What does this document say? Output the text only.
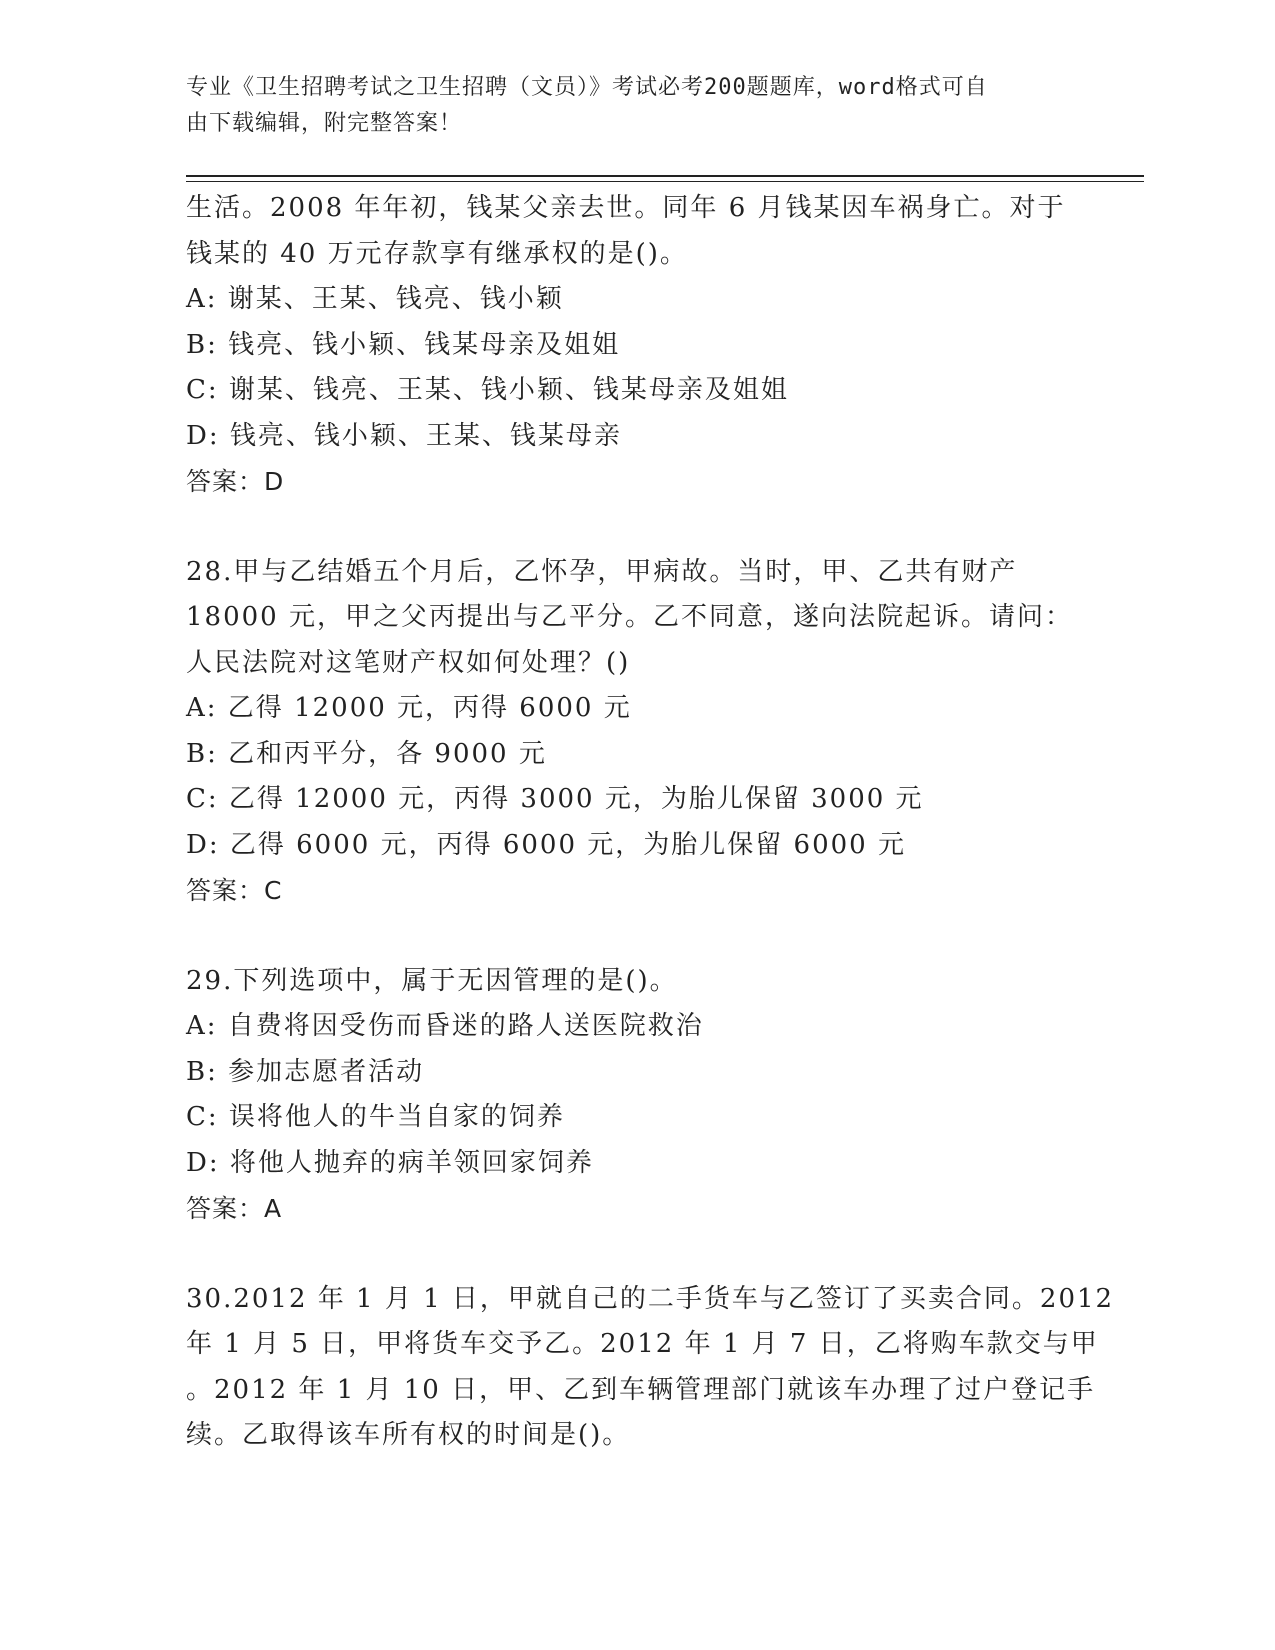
专业《卫生招聘考试之卫生招聘（文员）》考试必考200题题库，word格式可自
由下载编辑，附完整答案！
生活。2008 年年初，钱某父亲去世。同年 6 月钱某因车祸身亡。对于
钱某的 40 万元存款享有继承权的是()。
A: 谢某、王某、钱亮、钱小颖
B: 钱亮、钱小颖、钱某母亲及姐姐
C: 谢某、钱亮、王某、钱小颖、钱某母亲及姐姐
D: 钱亮、钱小颖、王某、钱某母亲
答案：D
28.甲与乙结婚五个月后，乙怀孕，甲病故。当时，甲、乙共有财产
18000 元，甲之父丙提出与乙平分。乙不同意，遂向法院起诉。请问：
人民法院对这笔财产权如何处理？()
A: 乙得 12000 元，丙得 6000 元
B: 乙和丙平分，各 9000 元
C: 乙得 12000 元，丙得 3000 元，为胎儿保留 3000 元
D: 乙得 6000 元，丙得 6000 元，为胎儿保留 6000 元
答案：C
29.下列选项中，属于无因管理的是()。
A: 自费将因受伤而昏迷的路人送医院救治
B: 参加志愿者活动
C: 误将他人的牛当自家的饲养
D: 将他人抛弃的病羊领回家饲养
答案：A
30.2012 年 1 月 1 日，甲就自己的二手货车与乙签订了买卖合同。2012
年 1 月 5 日，甲将货车交予乙。2012 年 1 月 7 日，乙将购车款交与甲
。2012 年 1 月 10 日，甲、乙到车辆管理部门就该车办理了过户登记手
续。乙取得该车所有权的时间是()。
